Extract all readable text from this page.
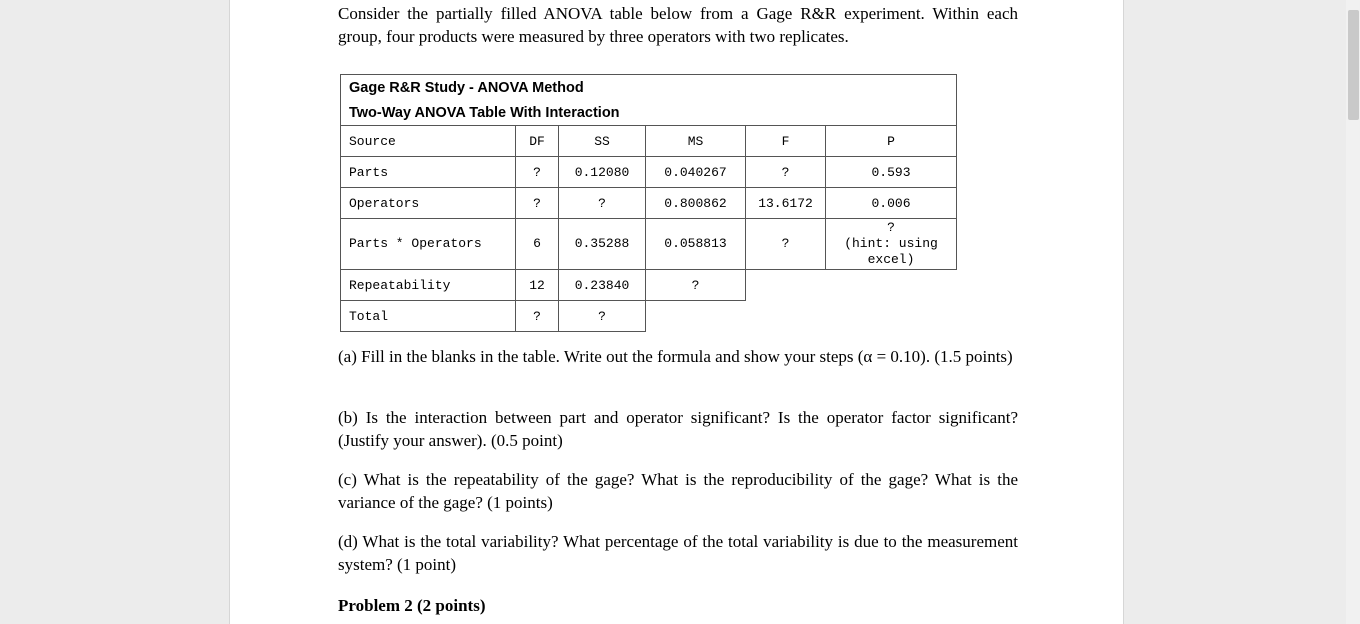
Consider the partially filled ANOVA table below from a Gage R&R experiment. Within each group, four products were measured by three operators with two replicates.
Gage R&R Study - ANOVA Method					
Two-Way ANOVA Table With Interaction					
Source	DF	SS	MS	F	P
Parts	?	0.12080	0.040267	?	0.593
Operators	?	?	0.800862	13.6172	0.006
Parts * Operators	6	0.35288	0.058813	?	?
(hint: using
excel)

Repeatability	12	0.23840	?		
Total	?	?			
(a) Fill in the blanks in the table. Write out the formula and show your steps (α = 0.10). (1.5 points)
(b) Is the interaction between part and operator significant? Is the operator factor significant? (Justify your answer). (0.5 point)
(c) What is the repeatability of the gage? What is the reproducibility of the gage? What is the variance of the gage? (1 points)
(d) What is the total variability? What percentage of the total variability is due to the measurement system? (1 point)
Problem 2 (2 points)
